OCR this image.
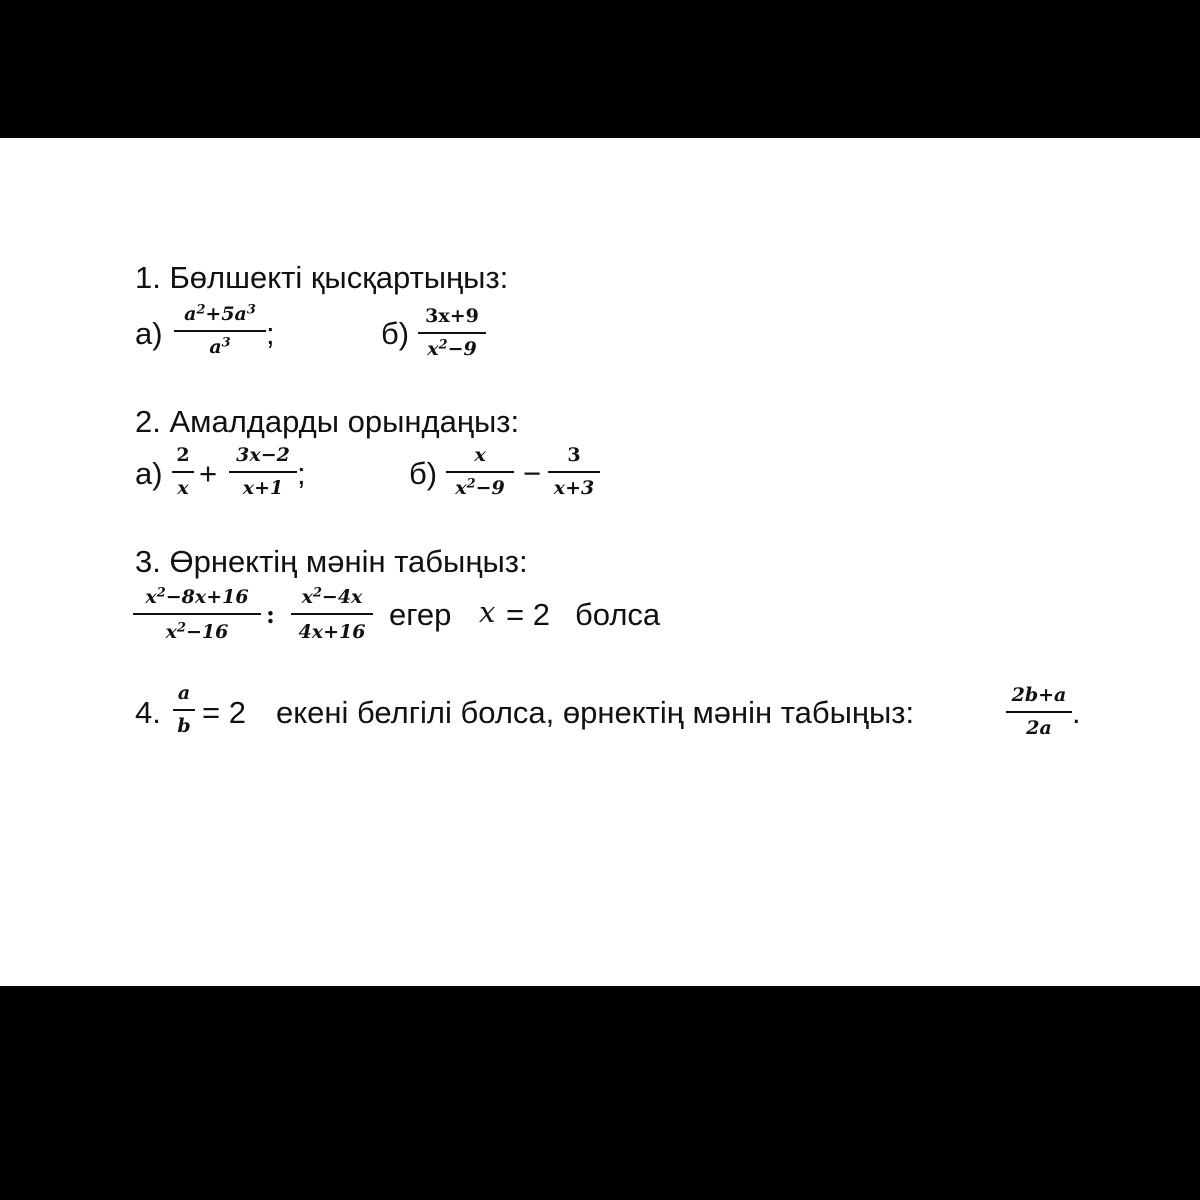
1. Бөлшекті қысқартыңыз:
а)
$a^2+5a^3$
$a^3$	;	б) 3x+9
$x^2-9$
2. Амалдарды орындаңыз:
а)
2
x +
3x−2
x+1 ;	б)
x
$x^2-9$ −
3
x+3
3. Өрнектің мәнін табыңыз:
$x^2-8x+16$
$x^2-16$
:
$x^2-4x$
4x+16 егер x = 2 болса
4.
a
b = 2 екені белгілі болса, өрнектің мәнін табыңыз:	2b+a
2a .
